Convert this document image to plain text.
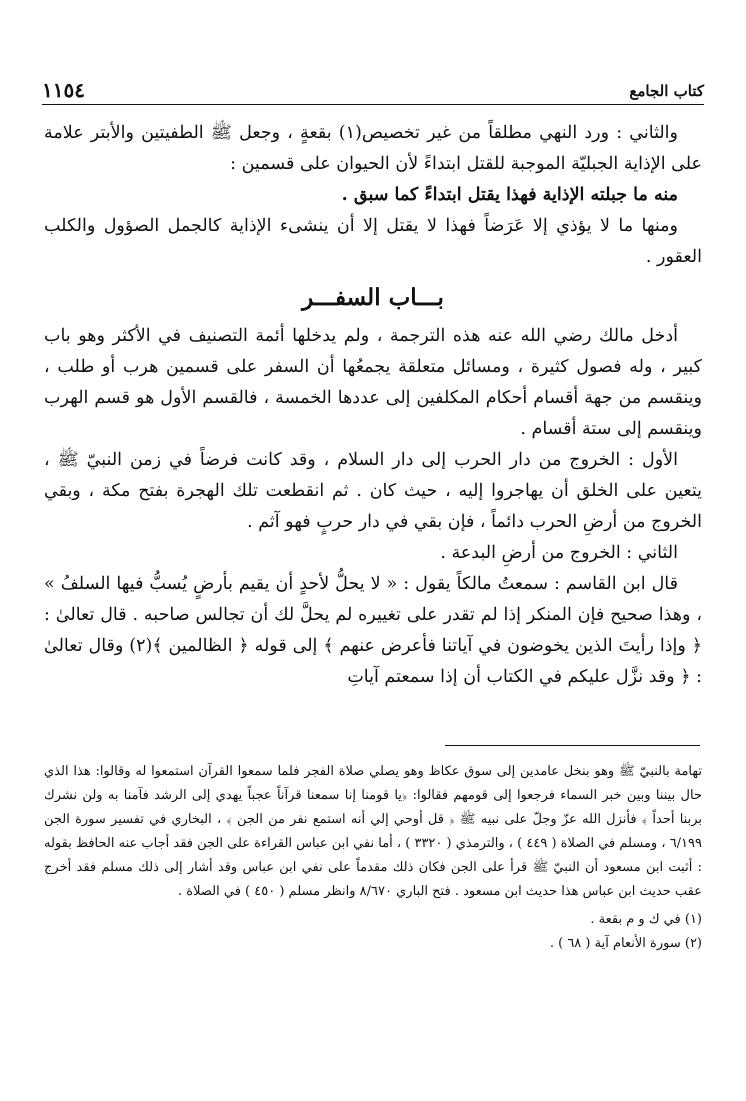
كتاب الجامع
١١٥٤

والثاني : ورد النهي مطلقاً من غير تخصيص(١) بقعةٍ ، وجعل ﷺ الطفيتين والأبتر علامة على الإذاية الجبليّة الموجبة للقتل ابتداءً لأن الحيوان على قسمين :

منه ما جبلته الإذاية فهذا يقتل ابتداءً كما سبق .

ومنها ما لا يؤذي إلا عَرَضاً فهذا لا يقتل إلا أن ينشىء الإذاية كالجمل الصؤول والكلب العقور .

بـــاب السفـــر

أدخل مالك رضي الله عنه هذه الترجمة ، ولم يدخلها أئمة التصنيف في الأكثر وهو باب كبير ، وله فصول كثيرة ، ومسائل متعلقة يجمعُها أن السفر على قسمين هرب أو طلب ، وينقسم من جهة أقسام أحكام المكلفين إلى عددها الخمسة ، فالقسم الأول هو قسم الهرب وينقسم إلى ستة أقسام .

الأول : الخروج من دار الحرب إلى دار السلام ، وقد كانت فرضاً في زمن النبيّ ﷺ ، يتعين على الخلق أن يهاجروا إليه ، حيث كان . ثم انقطعت تلك الهجرة بفتح مكة ، وبقي الخروج من أرضِ الحرب دائماً ، فإن بقي في دار حربٍ فهو آثم .

الثاني : الخروج من أرضِ البدعة .

قال ابن القاسم : سمعتُ مالكاً يقول : « لا يحلُّ لأحدٍ أن يقيم بأرضٍ يُسبُّ فيها السلفُ » ، وهذا صحيح فإن المنكر إذا لم تقدر على تغييره لم يحلَّ لك أن تجالس صاحبه . قال تعالىٰ : ﴿ وإذا رأيتَ الذين يخوضون في آياتنا فأعرض عنهم ﴾ إلى قوله ﴿ الظالمين ﴾(٢) وقال تعالىٰ : ﴿ وقد نزَّل عليكم في الكتاب أن إذا سمعتم آياتِ

تهامة بالنبيّ ﷺ وهو بنخل عامدين إلى سوق عكاظ وهو يصلي صلاة الفجر فلما سمعوا القرآن استمعوا له وقالوا: هذا الذي حال بيننا وبين خبر السماء فرجعوا إلى قومهم فقالوا: ﴿يا قومنا إنا سمعنا قرآناً عجباً يهدي إلى الرشد فآمنا به ولن نشرك بربنا أحداً ﴾ فأنزل الله عزّ وجلّ على نبيه ﷺ ﴿ قل أوحي إلي أنه استمع نفر من الجن ﴾ ، البخاري في تفسير سورة الجن ٦/١٩٩ ، ومسلم في الصلاة ( ٤٤٩ ) ، والترمذي ( ٣٣٢٠ ) ، أما نفي ابن عباس القراءة على الجن فقد أجاب عنه الحافظ بقوله : أثبت ابن مسعود أن النبيّ ﷺ قرأ على الجن فكان ذلك مقدماً على نفي ابن عباس وقد أشار إلى ذلك مسلم فقد أخرج عقب حديث ابن عباس هذا حديث ابن مسعود . فتح الباري ٨/٦٧٠ وانظر مسلم ( ٤٥٠ ) في الصلاة .

(١) في ك و م بقعة .

(٢) سورة الأنعام آية ( ٦٨ ) .
